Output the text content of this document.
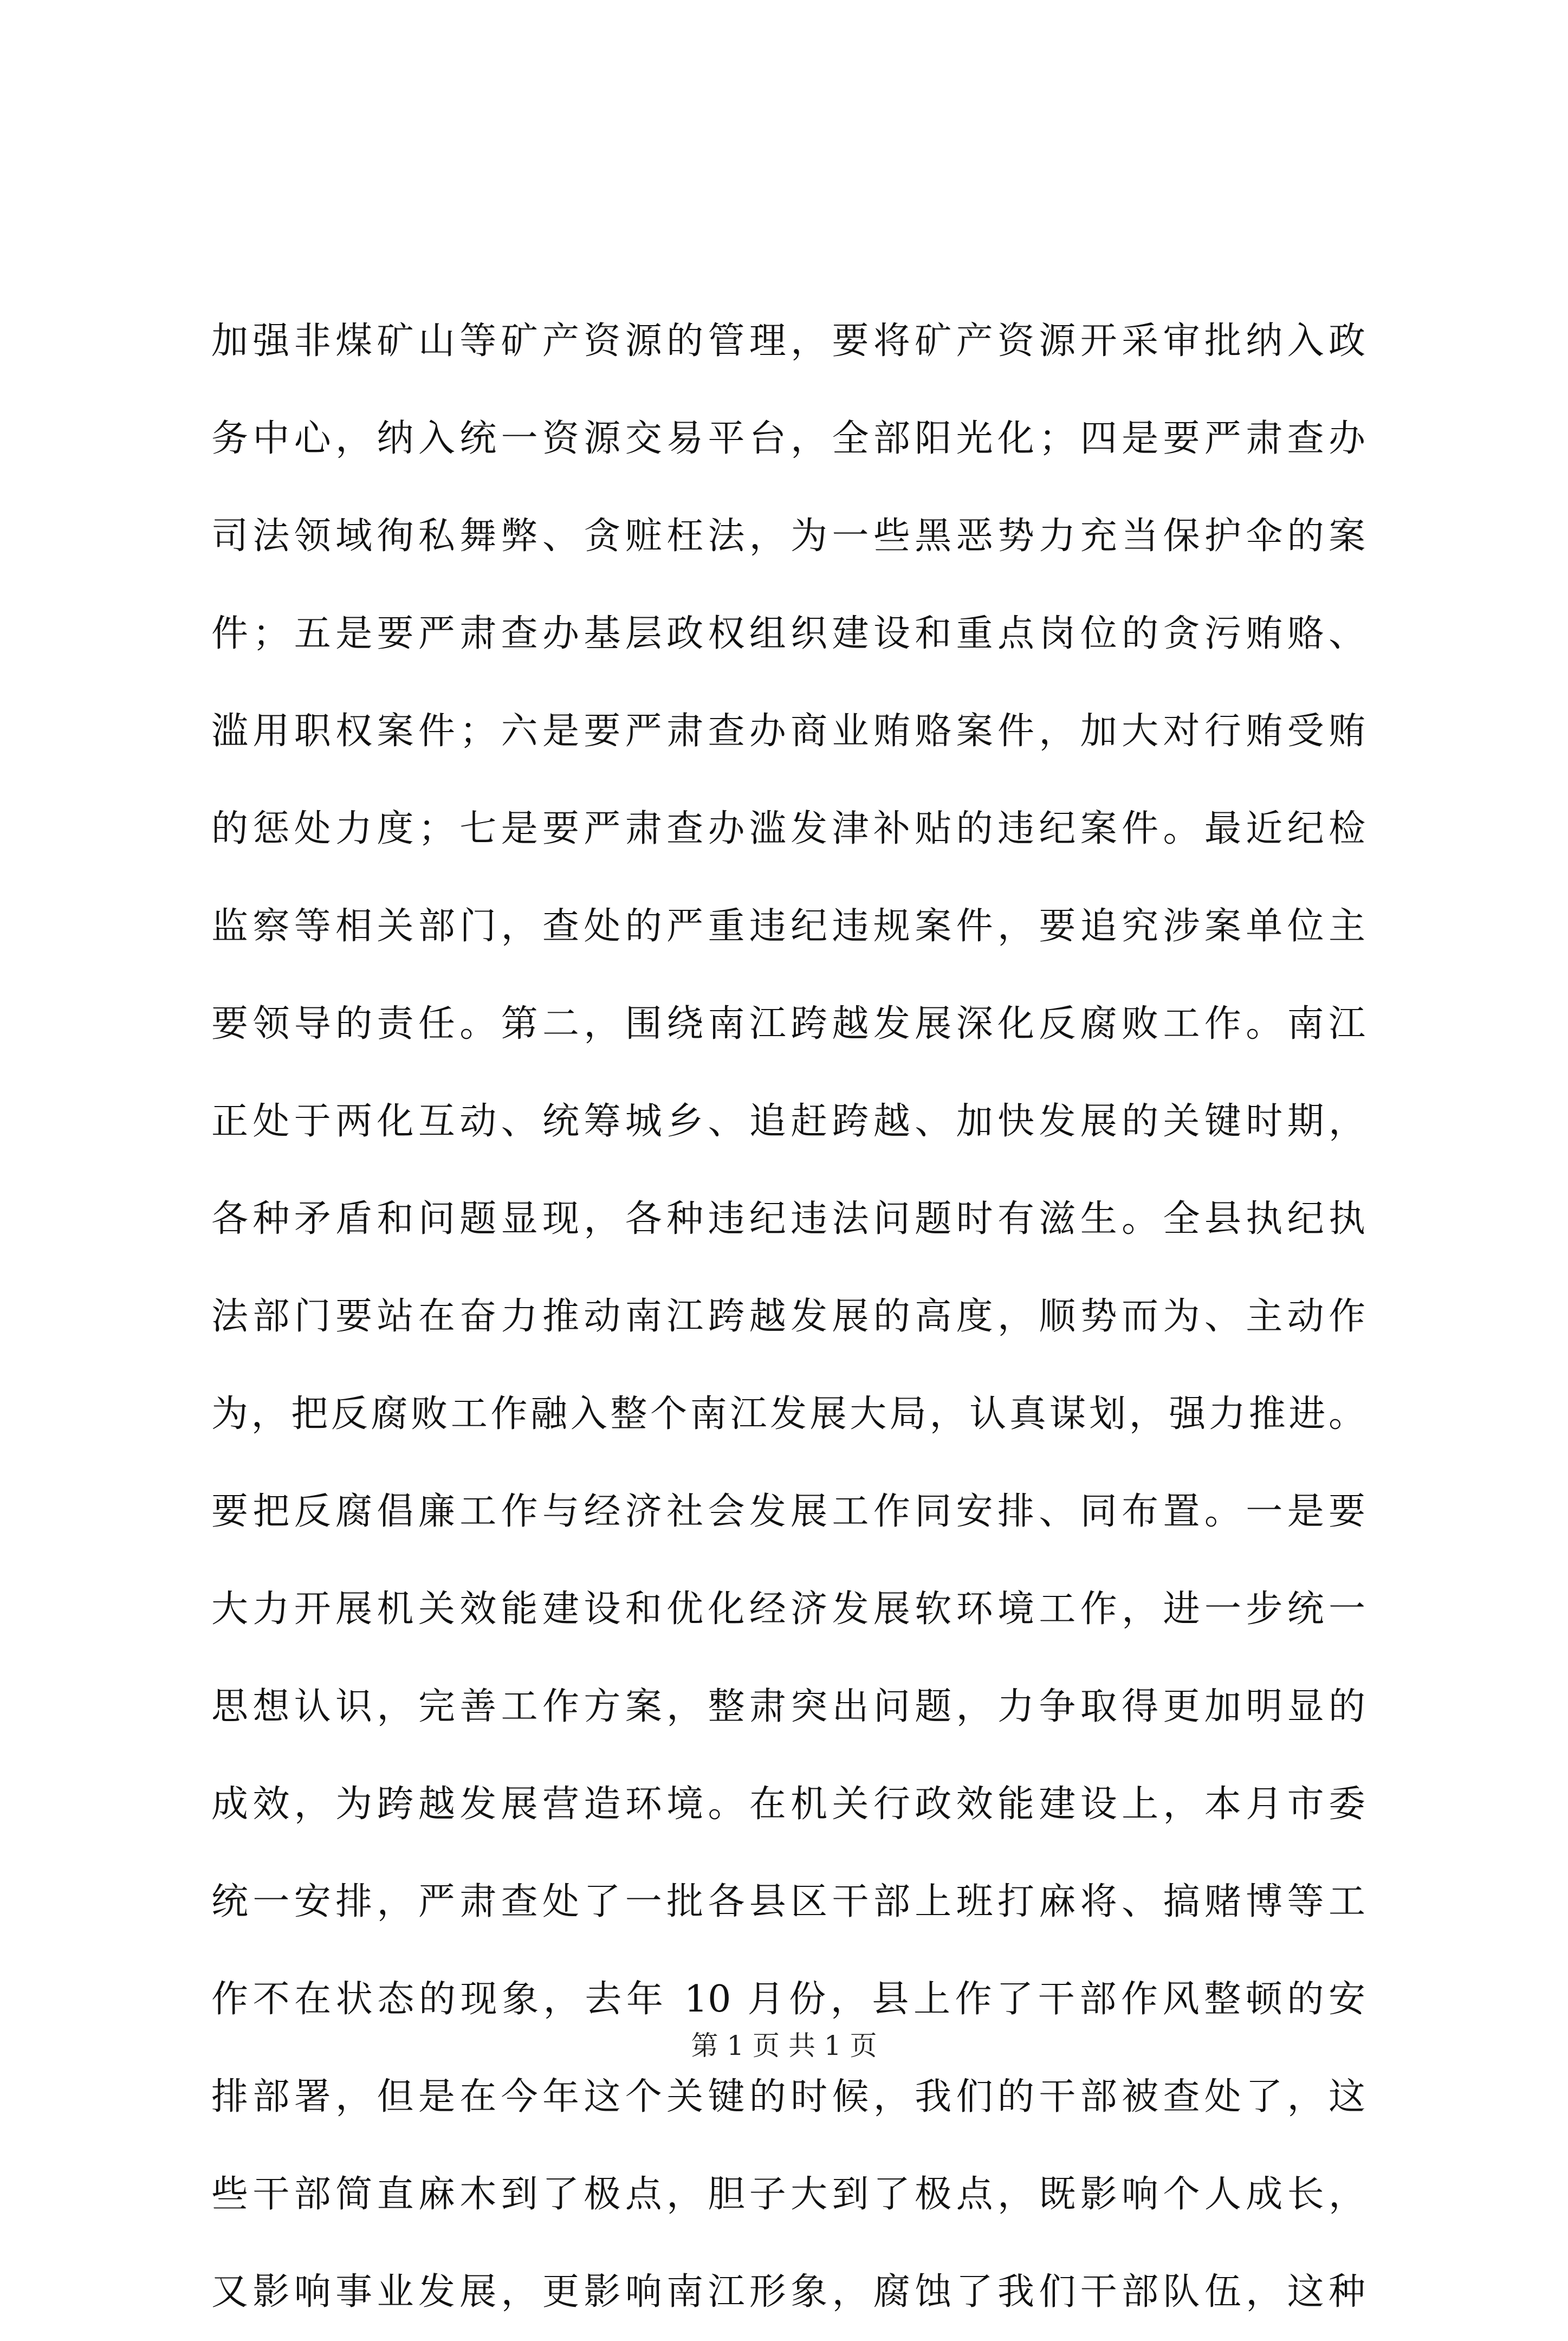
加强非煤矿山等矿产资源的管理，要将矿产资源开采审批纳入政
务中心，纳入统一资源交易平台，全部阳光化；四是要严肃查办
司法领域徇私舞弊、贪赃枉法，为一些黑恶势力充当保护伞的案
件；五是要严肃查办基层政权组织建设和重点岗位的贪污贿赂、
滥用职权案件；六是要严肃查办商业贿赂案件，加大对行贿受贿
的惩处力度；七是要严肃查办滥发津补贴的违纪案件。最近纪检
监察等相关部门，查处的严重违纪违规案件，要追究涉案单位主
要领导的责任。第二，围绕南江跨越发展深化反腐败工作。南江
正处于两化互动、统筹城乡、追赶跨越、加快发展的关键时期，
各种矛盾和问题显现，各种违纪违法问题时有滋生。全县执纪执
法部门要站在奋力推动南江跨越发展的高度，顺势而为、主动作
为，把反腐败工作融入整个南江发展大局，认真谋划，强力推进。
要把反腐倡廉工作与经济社会发展工作同安排、同布置。一是要
大力开展机关效能建设和优化经济发展软环境工作，进一步统一
思想认识，完善工作方案，整肃突出问题，力争取得更加明显的
成效，为跨越发展营造环境。在机关行政效能建设上，本月市委
统一安排，严肃查处了一批各县区干部上班打麻将、搞赌博等工
作不在状态的现象，去年 10 月份，县上作了干部作风整顿的安
排部署，但是在今年这个关键的时候，我们的干部被查处了，这
些干部简直麻木到了极点，胆子大到了极点，既影响个人成长，
又影响事业发展，更影响南江形象，腐蚀了我们干部队伍，这种
第 1 页 共 1 页
